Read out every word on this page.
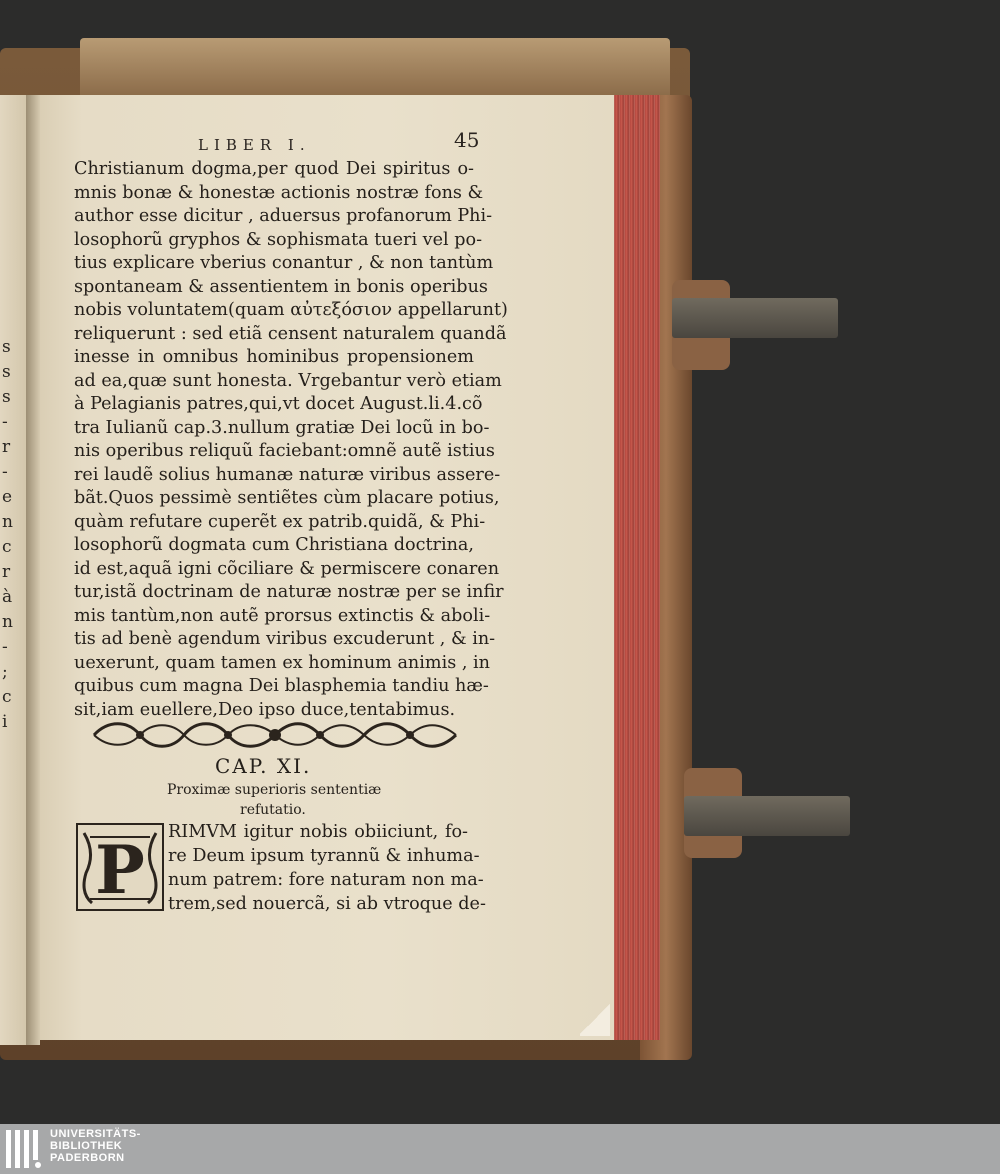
s
s
s
-
r
-
e
n
c
r
à
n
-
;
c
i
LIBER I.	45
Christianum dogma,per quod Dei spiritus o-
mnis bonæ & honestæ actionis nostræ fons &
author esse dicitur , aduersus profanorum Phi-
losophorũ gryphos & sophismata tueri vel po-
tius explicare vberius conantur , & non tantùm
spontaneam & assentientem in bonis operibus
nobis voluntatem(quam αὐτεξόσιον appellarunt)
reliquerunt : sed etiã censent naturalem quandã
inesse in omnibus hominibus propensionem
ad ea,quæ sunt honesta. Vrgebantur verò etiam
à Pelagianis patres,qui,vt docet August.li.4.cõ
tra Iulianũ cap.3.nullum gratiæ Dei locũ in bo-
nis operibus reliquũ faciebant:omnẽ autẽ istius
rei laudẽ solius humanæ naturæ viribus assere-
bãt.Quos pessimè sentiẽtes cùm placare potius,
quàm refutare cuperẽt ex patrib.quidã, & Phi-
losophorũ dogmata cum Christiana doctrina,
id est,aquã igni cõciliare & permiscere conaren
tur,istã doctrinam de naturæ nostræ per se infir
mis tantùm,non autẽ prorsus extinctis & aboli-
tis ad benè agendum viribus excuderunt , & in-
uexerunt, quam tamen ex hominum animis , in
quibus cum magna Dei blasphemia tandiu hæ-
sit,iam euellere,Deo ipso duce,tentabimus.
CAP. XI.
Proximæ superioris sententiæ
refutatio.
P RIMVM igitur nobis obiiciunt, fo-
re Deum ipsum tyrannũ & inhuma-
num patrem: fore naturam non ma-
trem,sed nouercã, si ab vtroque de-
UNIVERSITÄTS-
BIBLIOTHEK
PADERBORN
